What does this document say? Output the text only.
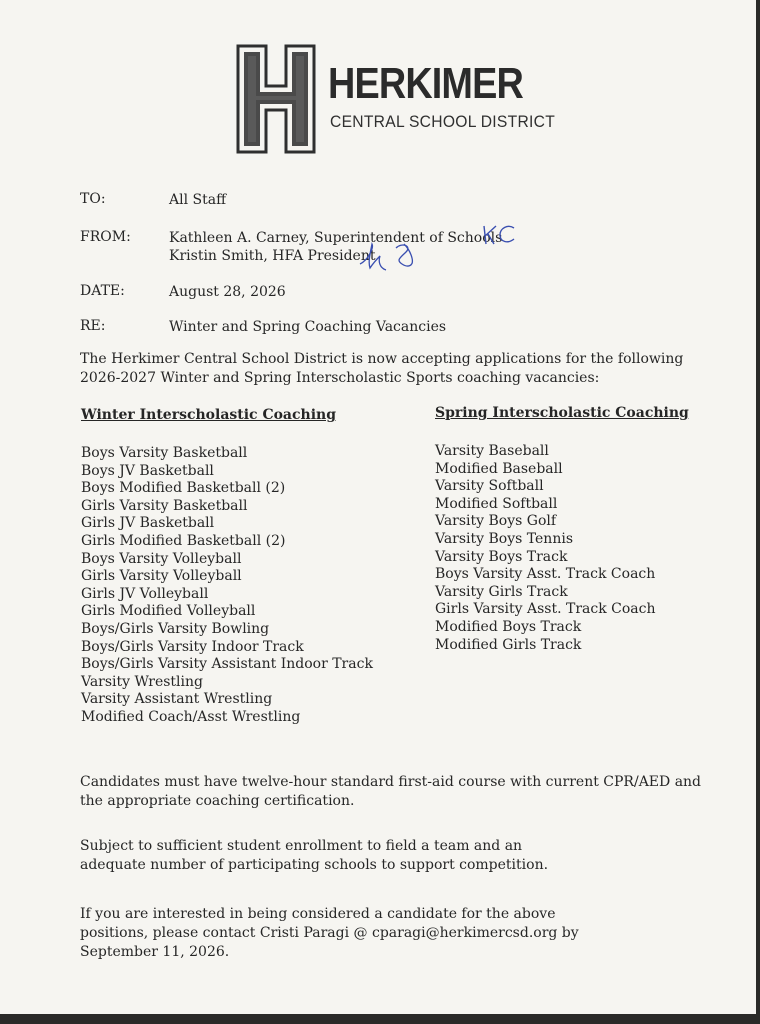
HERKIMER
CENTRAL SCHOOL DISTRICT
TO:	All Staff
FROM:	Kathleen A. Carney, Superintendent of Schools
Kristin Smith, HFA President
DATE:	August 28, 2026
RE:	Winter and Spring Coaching Vacancies
The Herkimer Central School District is now accepting applications for the following 2026-2027 Winter and Spring Interscholastic Sports coaching vacancies:
Winter Interscholastic Coaching
Boys Varsity Basketball
Boys JV Basketball
Boys Modified Basketball (2)
Girls Varsity Basketball
Girls JV Basketball
Girls Modified Basketball (2)
Boys Varsity Volleyball
Girls Varsity Volleyball
Girls JV Volleyball
Girls Modified Volleyball
Boys/Girls Varsity Bowling
Boys/Girls Varsity Indoor Track
Boys/Girls Varsity Assistant Indoor Track
Varsity Wrestling
Varsity Assistant Wrestling
Modified Coach/Asst Wrestling
Spring Interscholastic Coaching
Varsity Baseball
Modified Baseball
Varsity Softball
Modified Softball
Varsity Boys Golf
Varsity Boys Tennis
Varsity Boys Track
Boys Varsity Asst. Track Coach
Varsity Girls Track
Girls Varsity Asst. Track Coach
Modified Boys Track
Modified Girls Track
Candidates must have twelve-hour standard first-aid course with current CPR/AED and the appropriate coaching certification.
Subject to sufficient student enrollment to field a team and an adequate number of participating schools to support competition.
If you are interested in being considered a candidate for the above positions, please contact Cristi Paragi @ cparagi@herkimercsd.org by September 11, 2026.
